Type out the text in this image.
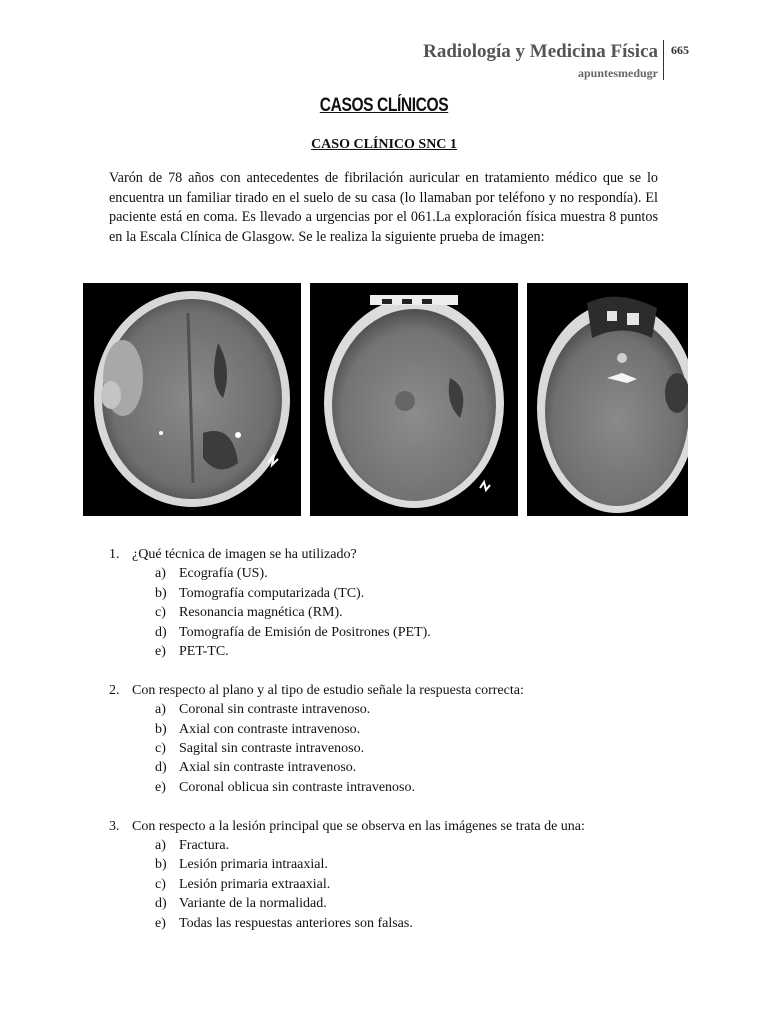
Radiología y Medicina Física
apuntesmedugr
665
CASOS CLÍNICOS
CASO CLÍNICO SNC 1

Varón de 78 años con antecedentes de fibrilación auricular en tratamiento médico que se lo encuentra un familiar tirado en el suelo de su casa (lo llamaban por teléfono y no respondía). El paciente está en coma. Es llevado a urgencias por el 061.La exploración física muestra 8 puntos en la Escala Clínica de Glasgow. Se le realiza la siguiente prueba de imagen:

1. ¿Qué técnica de imagen se ha utilizado?
a) Ecografía (US).
b) Tomografía computarizada (TC).
c) Resonancia magnética (RM).
d) Tomografía de Emisión de Positrones (PET).
e) PET-TC.
2. Con respecto al plano y al tipo de estudio señale la respuesta correcta:
a) Coronal sin contraste intravenoso.
b) Axial con contraste intravenoso.
c) Sagital sin contraste intravenoso.
d) Axial sin contraste intravenoso.
e) Coronal oblicua sin contraste intravenoso.
3. Con respecto a la lesión principal que se observa en las imágenes se trata de una:
a) Fractura.
b) Lesión primaria intraaxial.
c) Lesión primaria extraaxial.
d) Variante de la normalidad.
e) Todas las respuestas anteriores son falsas.
